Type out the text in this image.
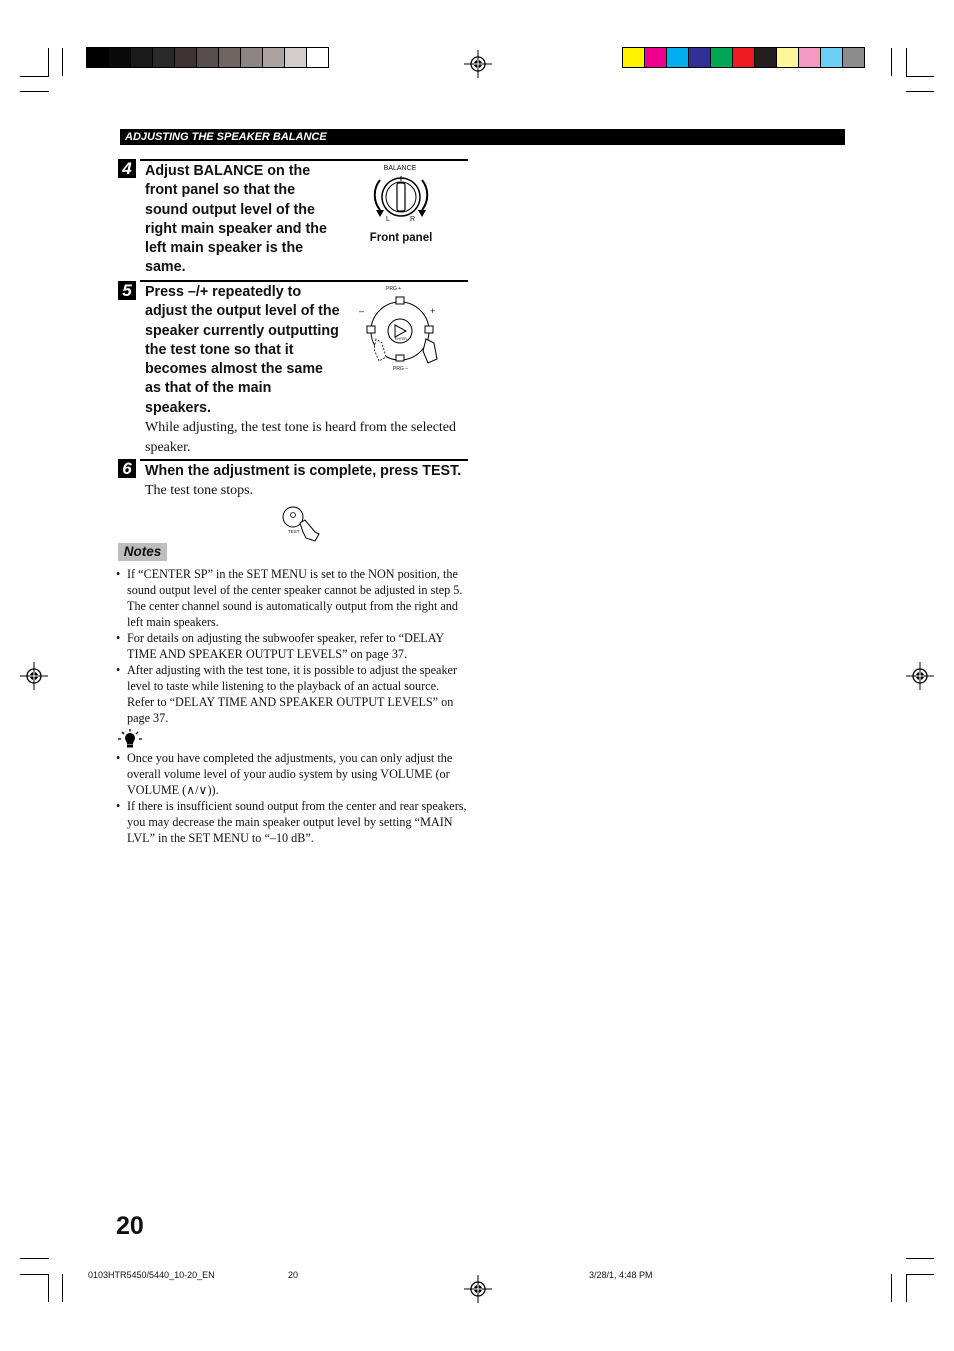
ADJUSTING THE SPEAKER BALANCE
4 Adjust BALANCE on the front panel so that the sound output level of the right main speaker and the left main speaker is the same.
BALANCE
L	R
Front panel
5 Press –/+ repeatedly to adjust the output level of the speaker currently outputting the test tone so that it becomes almost the same as that of the main speakers.
PRG +
–	+
ENTER
PRG –
While adjusting, the test tone is heard from the selected speaker.
6 When the adjustment is complete, press TEST.
The test tone stops.
TEST
Notes
• If “CENTER SP” in the SET MENU is set to the NON position, the sound output level of the center speaker cannot be adjusted in step 5. The center channel sound is automatically output from the right and left main speakers.
• For details on adjusting the subwoofer speaker, refer to “DELAY TIME AND SPEAKER OUTPUT LEVELS” on page 37.
• After adjusting with the test tone, it is possible to adjust the speaker level to taste while listening to the playback of an actual source. Refer to “DELAY TIME AND SPEAKER OUTPUT LEVELS” on page 37.
• Once you have completed the adjustments, you can only adjust the overall volume level of your audio system by using VOLUME (or VOLUME (∧/∨)).
• If there is insufficient sound output from the center and rear speakers, you may decrease the main speaker output level by setting “MAIN LVL” in the SET MENU to “–10 dB”.
20
0103HTR5450/5440_10-20_EN	20	3/28/1, 4:48 PM
